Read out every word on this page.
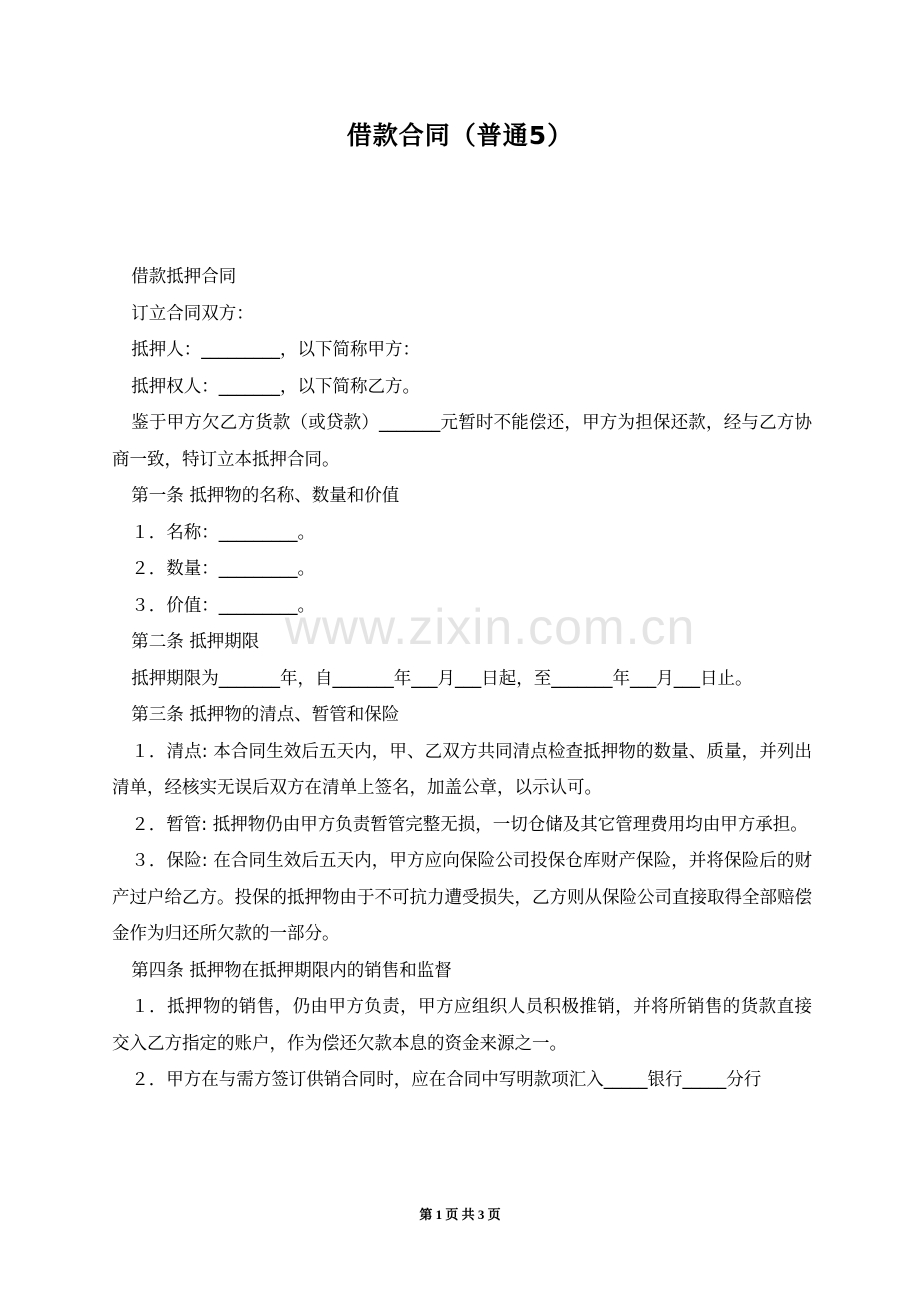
借款合同（普通5）

借款抵押合同

订立合同双方：

抵押人：_________，以下简称甲方：

抵押权人：_______，以下简称乙方。

鉴于甲方欠乙方货款（或贷款）_______元暂时不能偿还，甲方为担保还款，经与乙方协商一致，特订立本抵押合同。

第一条 抵押物的名称、数量和价值

１．名称：_________。

２．数量：_________。

３．价值：_________。

第二条 抵押期限

抵押期限为_______年，自_______年___月___日起，至_______年___月___日止。

第三条 抵押物的清点、暂管和保险

１．清点: 本合同生效后五天内，甲、乙双方共同清点检查抵押物的数量、质量，并列出清单，经核实无误后双方在清单上签名，加盖公章，以示认可。

２．暂管: 抵押物仍由甲方负责暂管完整无损，一切仓储及其它管理费用均由甲方承担。

３．保险: 在合同生效后五天内，甲方应向保险公司投保仓库财产保险，并将保险后的财产过户给乙方。投保的抵押物由于不可抗力遭受损失，乙方则从保险公司直接取得全部赔偿金作为归还所欠款的一部分。

第四条 抵押物在抵押期限内的销售和监督

１．抵押物的销售，仍由甲方负责，甲方应组织人员积极推销，并将所销售的货款直接交入乙方指定的账户，作为偿还欠款本息的资金来源之一。

２．甲方在与需方签订供销合同时，应在合同中写明款项汇入_____银行_____分行

www.zixin.com.cn
第 1 页 共 3 页
